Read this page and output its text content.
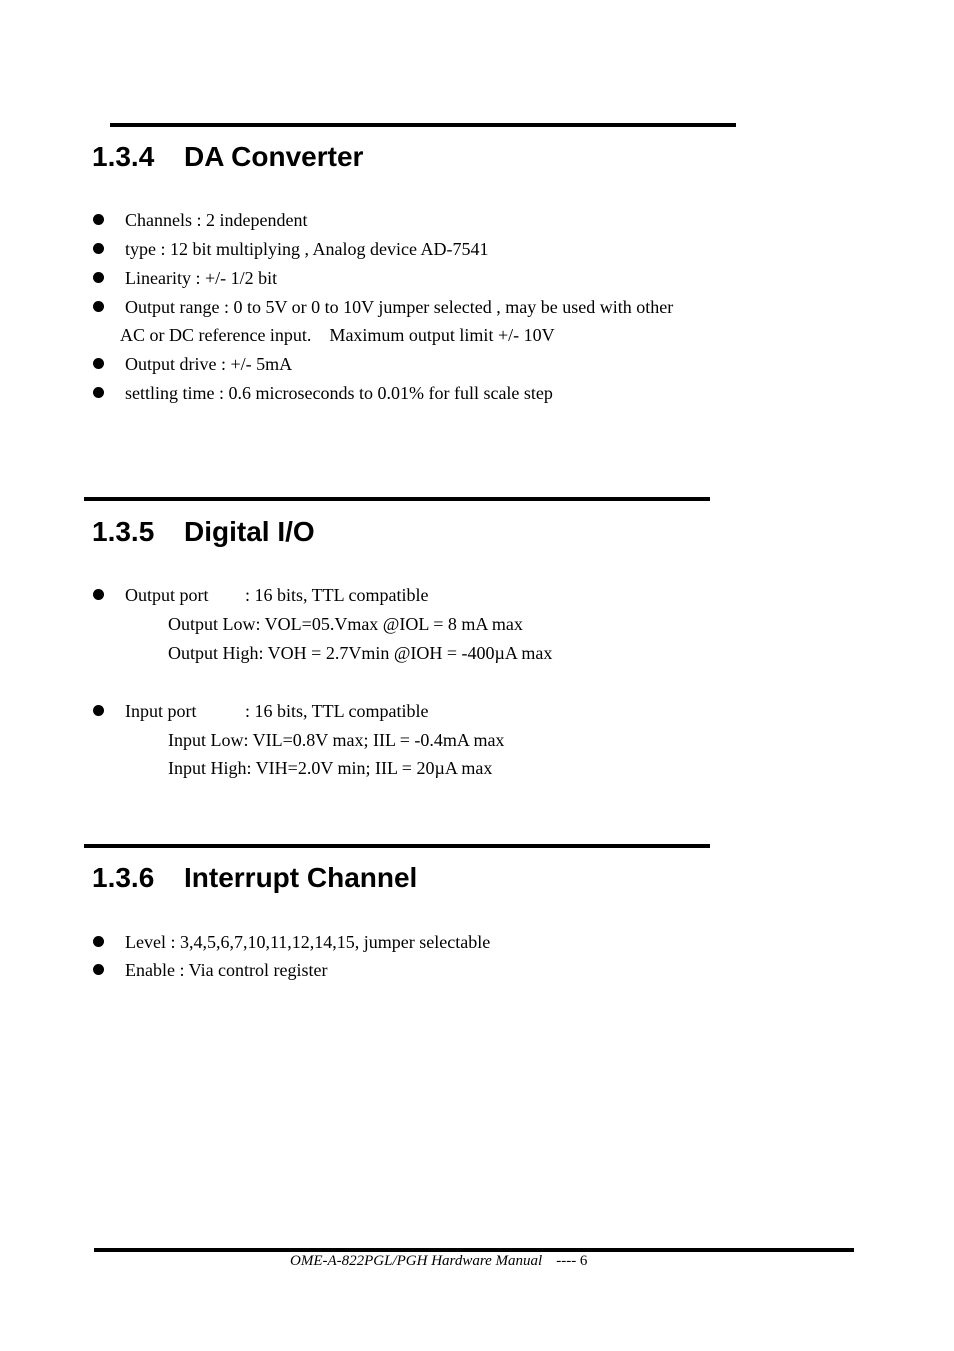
1.3.4 DA Converter
Channels : 2 independent
type : 12 bit multiplying , Analog device AD-7541
Linearity : +/- 1/2 bit
Output range : 0 to 5V or 0 to 10V jumper selected , may be used with other
AC or DC reference input.    Maximum output limit +/- 10V
Output drive : +/- 5mA
settling time : 0.6 microseconds to 0.01% for full scale step
1.3.5 Digital I/O
Output port : 16 bits, TTL compatible
Output Low: VOL=05.Vmax @IOL = 8 mA max
Output High: VOH = 2.7Vmin @IOH = -400µA max
Input port	: 16 bits, TTL compatible
Input Low: VIL=0.8V max; IIL = -0.4mA max
Input High: VIH=2.0V min; IIL = 20µA max
1.3.6 Interrupt Channel
Level : 3,4,5,6,7,10,11,12,14,15, jumper selectable
Enable : Via control register
OME-A-822PGL/PGH Hardware Manual ---- 6
